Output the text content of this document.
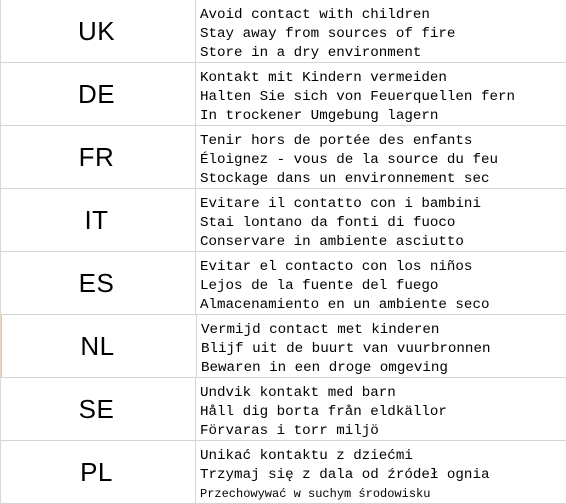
UK
Avoid contact with children
Stay away from sources of fire
Store in a dry environment
DE
Kontakt mit Kindern vermeiden
Halten Sie sich von Feuerquellen fern
In trockener Umgebung lagern
FR
Tenir hors de portée des enfants
Éloignez - vous de la source du feu
Stockage dans un environnement sec
IT
Evitare il contatto con i bambini
Stai lontano da fonti di fuoco
Conservare in ambiente asciutto
ES
Evitar el contacto con los niños
Lejos de la fuente del fuego
Almacenamiento en un ambiente seco
NL
Vermijd contact met kinderen
Blijf uit de buurt van vuurbronnen
Bewaren in een droge omgeving
SE
Undvik kontakt med barn
Håll dig borta från eldkällor
Förvaras i torr miljö
PL
Unikać kontaktu z dziećmi
Trzymaj się z dala od źródeł ognia
Przechowywać w suchym środowisku
